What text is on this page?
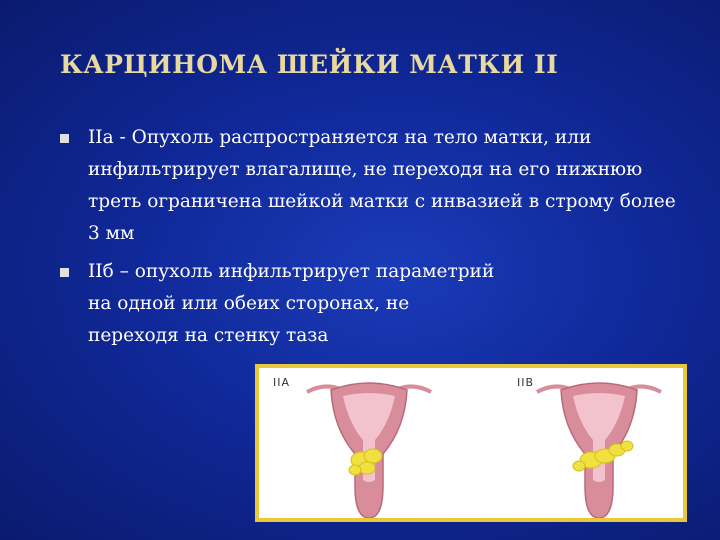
КАРЦИНОМА ШЕЙКИ МАТКИ II
IIа - Опухоль распространяется на тело матки, или инфильтрирует влагалище, не переходя на его нижнюю треть ограничена шейкой матки с инвазией в строму более 3 мм
IIб – опухоль инфильтрирует параметрий на одной или обеих сторонах, не переходя на стенку таза
IIA	IIB
